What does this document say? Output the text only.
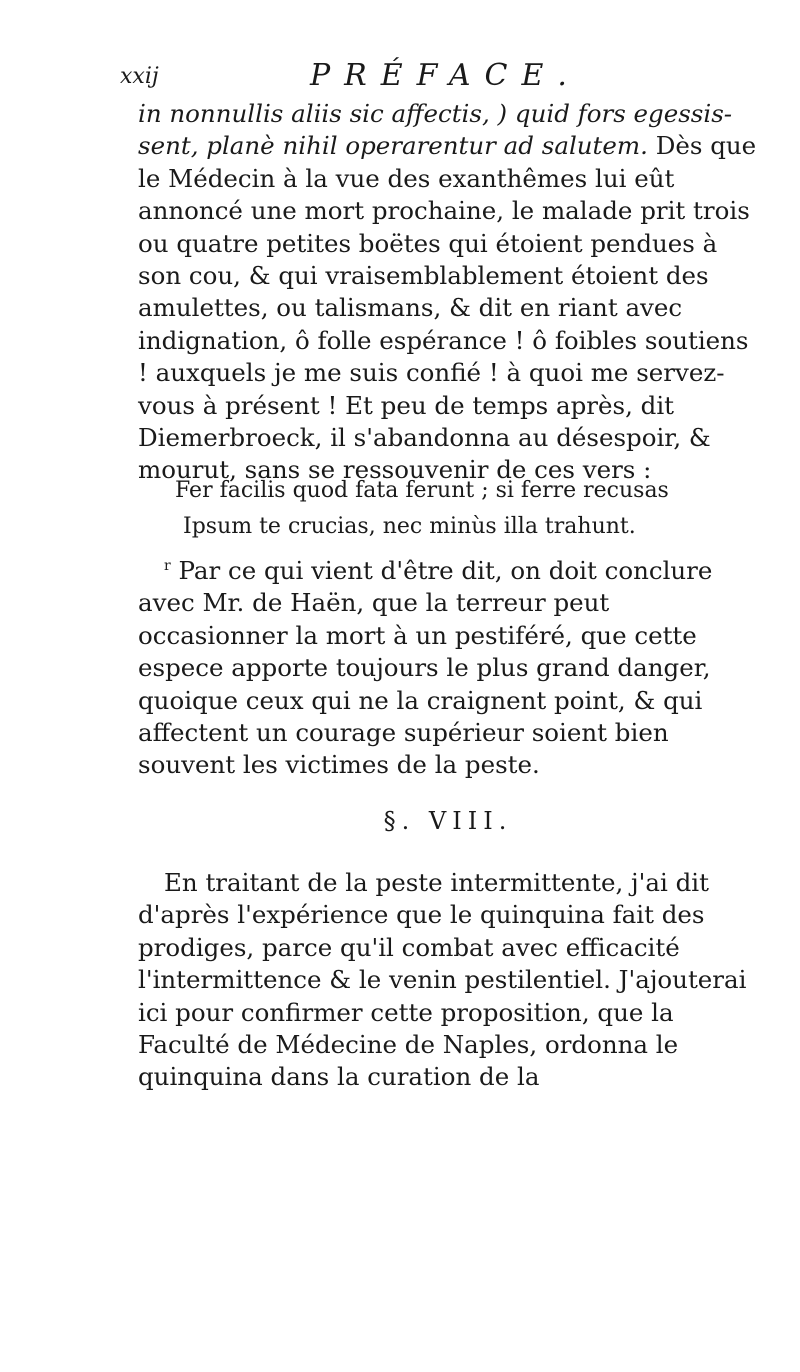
xxij	PRÉFACE.

in nonnullis aliis sic affectis, ) quid fors egessis-sent, planè nihil operarentur ad salutem. Dès que le Médecin à la vue des exanthêmes lui eût annoncé une mort prochaine, le malade prit trois ou quatre petites boëtes qui étoient pendues à son cou, & qui vraisemblablement étoient des amulettes, ou talismans, & dit en riant avec indignation, ô folle espérance ! ô foibles soutiens ! auxquels je me suis confié ! à quoi me servez-vous à présent ! Et peu de temps après, dit Diemerbroeck, il s'abandonna au désespoir, & mourut, sans se ressouvenir de ces vers :

Fer facilis quod fata ferunt ; si ferre recusas
Ipsum te crucias, nec minùs illa trahunt.

$^r$ Par ce qui vient d'être dit, on doit conclure avec Mr. de Haën, que la terreur peut occasionner la mort à un pestiféré, que cette espece apporte toujours le plus grand danger, quoique ceux qui ne la craignent point, & qui affectent un courage supérieur soient bien souvent les victimes de la peste.

§. VIII.

En traitant de la peste intermittente, j'ai dit d'après l'expérience que le quinquina fait des prodiges, parce qu'il combat avec efficacité l'intermittence & le venin pestilentiel. J'ajouterai ici pour confirmer cette proposition, que la Faculté de Médecine de Naples, ordonna le quinquina dans la curation de la
